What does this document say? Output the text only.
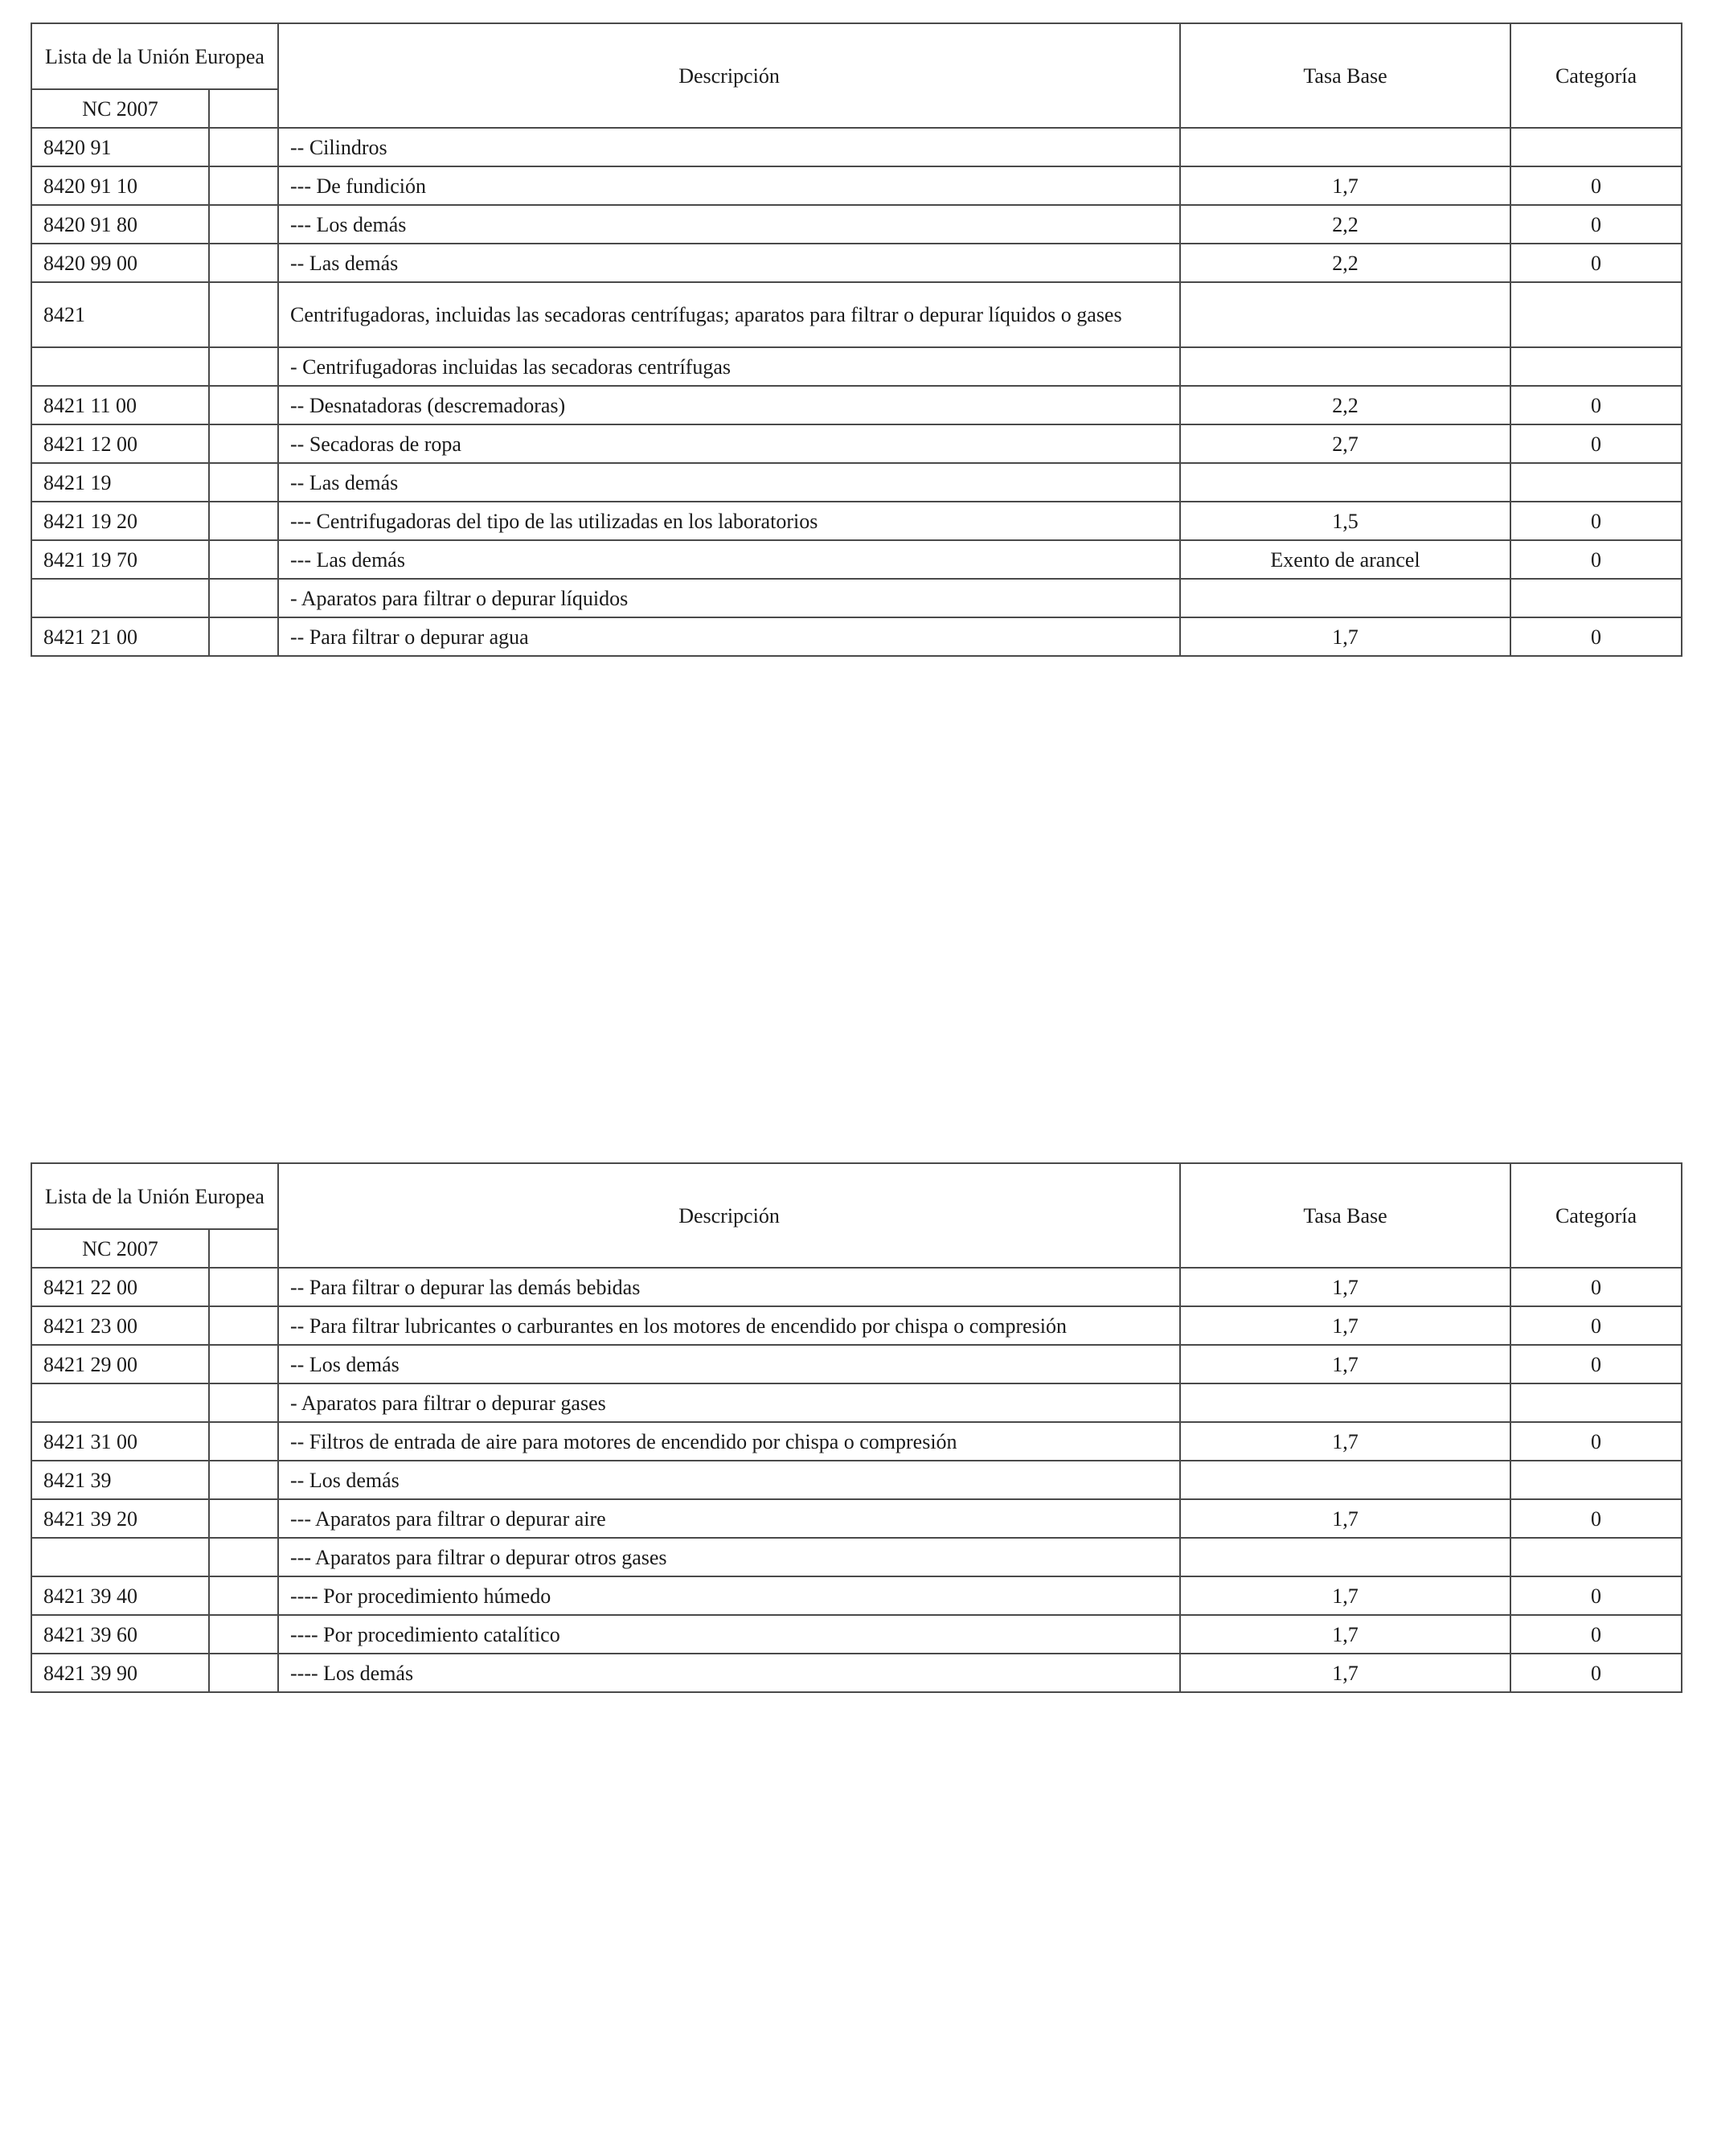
Lista de la Unión Europea		Descripción	Tasa Base	Categoría
NC 2007				
8420 91		-- Cilindros		
8420 91 10		--- De fundición	1,7	0
8420 91 80		--- Los demás	2,2	0
8420 99 00		-- Las demás	2,2	0
8421		Centrifugadoras, incluidas las secadoras centrífugas; aparatos para filtrar o depurar líquidos o gases		
		- Centrifugadoras incluidas las secadoras centrífugas		
8421 11 00		-- Desnatadoras (descremadoras)	2,2	0
8421 12 00		-- Secadoras de ropa	2,7	0
8421 19		-- Las demás		
8421 19 20		--- Centrifugadoras del tipo de las utilizadas en los laboratorios	1,5	0
8421 19 70		--- Las demás	Exento de arancel	0
		- Aparatos para filtrar o depurar líquidos		
8421 21 00		-- Para filtrar o depurar agua	1,7	0
Lista de la Unión Europea		Descripción	Tasa Base	Categoría
NC 2007				
8421 22 00		-- Para filtrar o depurar las demás bebidas	1,7	0
8421 23 00		-- Para filtrar lubricantes o carburantes en los motores de encendido por chispa o compresión	1,7	0
8421 29 00		-- Los demás	1,7	0
		- Aparatos para filtrar o depurar gases		
8421 31 00		-- Filtros de entrada de aire para motores de encendido por chispa o compresión	1,7	0
8421 39		-- Los demás		
8421 39 20		--- Aparatos para filtrar o depurar aire	1,7	0
		--- Aparatos para filtrar o depurar otros gases		
8421 39 40		---- Por procedimiento húmedo	1,7	0
8421 39 60		---- Por procedimiento catalítico	1,7	0
8421 39 90		---- Los demás	1,7	0
